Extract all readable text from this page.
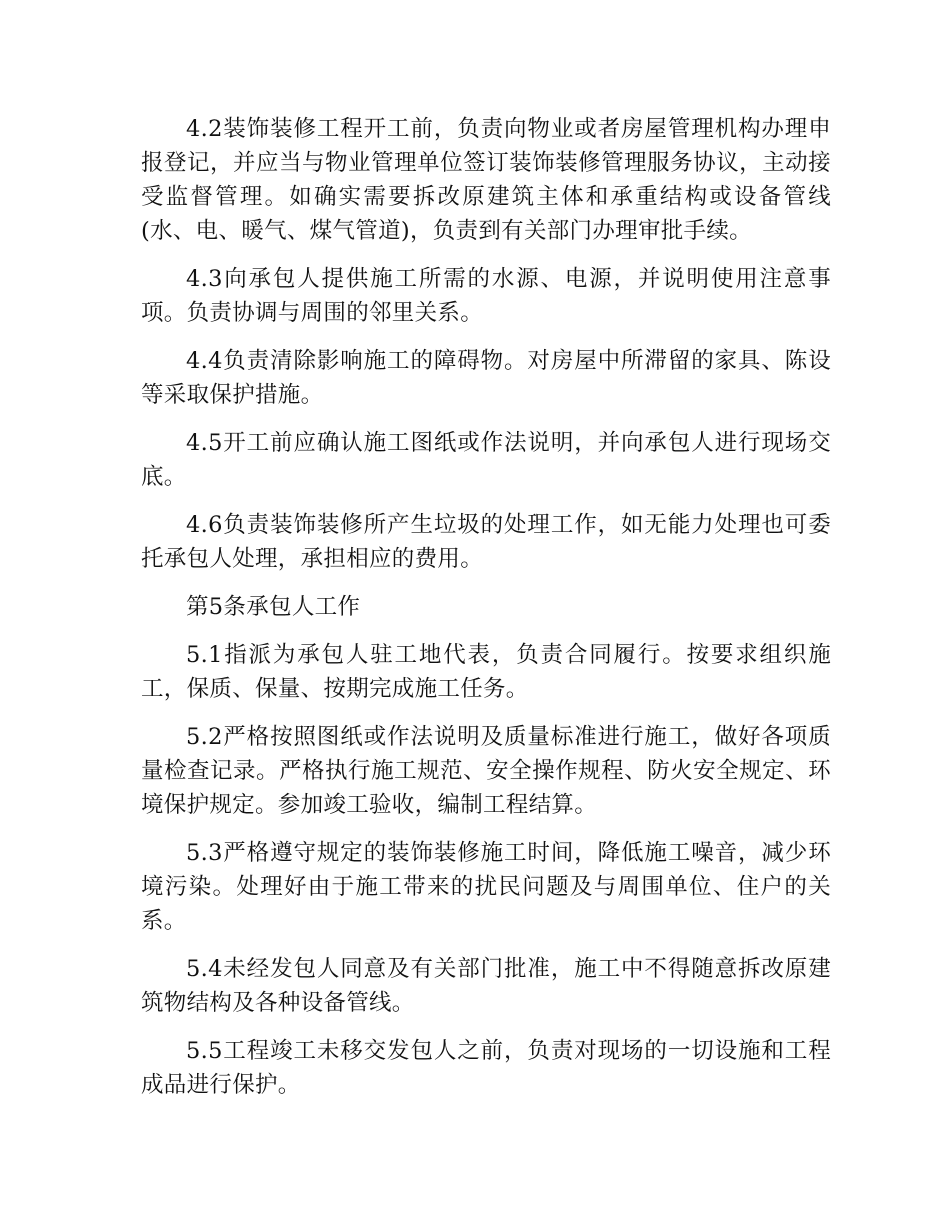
4.2装饰装修工程开工前，负责向物业或者房屋管理机构办理申报登记，并应当与物业管理单位签订装饰装修管理服务协议，主动接受监督管理。如确实需要拆改原建筑主体和承重结构或设备管线(水、电、暖气、煤气管道)，负责到有关部门办理审批手续。

4.3向承包人提供施工所需的水源、电源，并说明使用注意事项。负责协调与周围的邻里关系。

4.4负责清除影响施工的障碍物。对房屋中所滞留的家具、陈设等采取保护措施。

4.5开工前应确认施工图纸或作法说明，并向承包人进行现场交底。

4.6负责装饰装修所产生垃圾的处理工作，如无能力处理也可委托承包人处理，承担相应的费用。

第5条承包人工作

5.1指派为承包人驻工地代表，负责合同履行。按要求组织施工，保质、保量、按期完成施工任务。

5.2严格按照图纸或作法说明及质量标准进行施工，做好各项质量检查记录。严格执行施工规范、安全操作规程、防火安全规定、环境保护规定。参加竣工验收，编制工程结算。

5.3严格遵守规定的装饰装修施工时间，降低施工噪音，减少环境污染。处理好由于施工带来的扰民问题及与周围单位、住户的关系。

5.4未经发包人同意及有关部门批准，施工中不得随意拆改原建筑物结构及各种设备管线。

5.5工程竣工未移交发包人之前，负责对现场的一切设施和工程成品进行保护。
